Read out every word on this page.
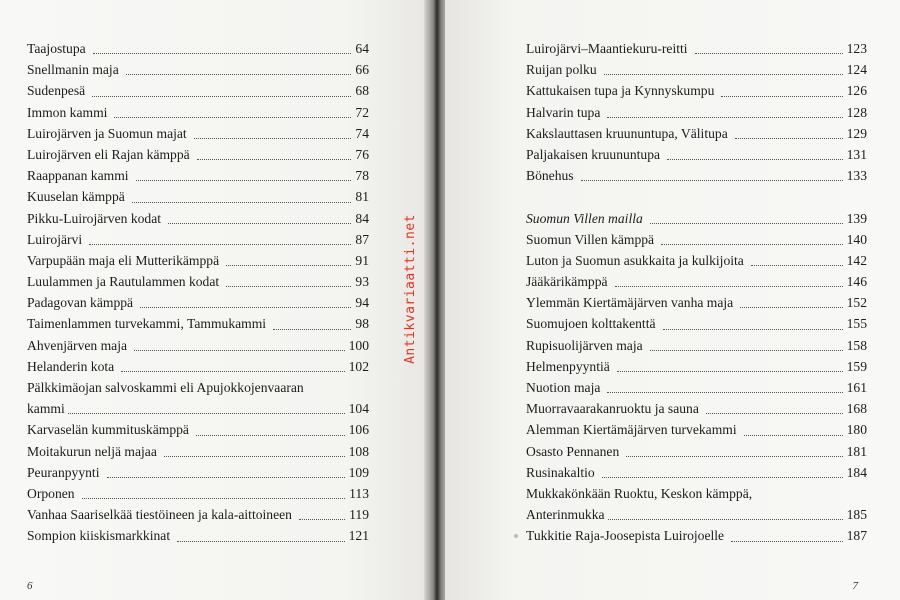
Taajostupa	64
Snellmanin maja	66
Sudenpesä	68
Immon kammi	72
Luirojärven ja Suomun majat	74
Luirojärven eli Rajan kämppä	76
Raappanan kammi	78
Kuuselan kämppä	81
Pikku-Luirojärven kodat	84
Luirojärvi	87
Varpupään maja eli Mutterikämppä	91
Luulammen ja Rautulammen kodat	93
Padagovan kämppä	94
Taimenlammen turvekammi, Tammukammi	98
Ahvenjärven maja	100
Helanderin kota	102
Pälkkimäojan salvoskammi eli Apujokkojenvaaran
kammi	104
Karvaselän kummituskämppä	106
Moitakurun neljä majaa	108
Peuranpyynti	109
Orponen	113
Vanhaa Saariselkää tiestöineen ja kala-aittoineen	119
Sompion kiiskismarkkinat	121
6
Antikvariaatti.net
Luirojärvi–Maantiekuru-reitti	123
Ruijan polku	124
Kattukaisen tupa ja Kynnyskumpu	126
Halvarin tupa	128
Kakslauttasen kruununtupa, Välitupa	129
Paljakaisen kruununtupa	131
Bönehus	133
Suomun Villen mailla	139
Suomun Villen kämppä	140
Luton ja Suomun asukkaita ja kulkijoita	142
Jääkärikämppä	146
Ylemmän Kiertämäjärven vanha maja	152
Suomujoen kolttakenttä	155
Rupisuolijärven maja	158
Helmenpyyntiä	159
Nuotion maja	161
Muorravaarakanruoktu ja sauna	168
Alemman Kiertämäjärven turvekammi	180
Osasto Pennanen	181
Rusinakaltio	184
Mukkakönkään Ruoktu, Keskon kämppä,
Anterinmukka	185
Tukkitie Raja-Joosepista Luirojoelle	187
7
